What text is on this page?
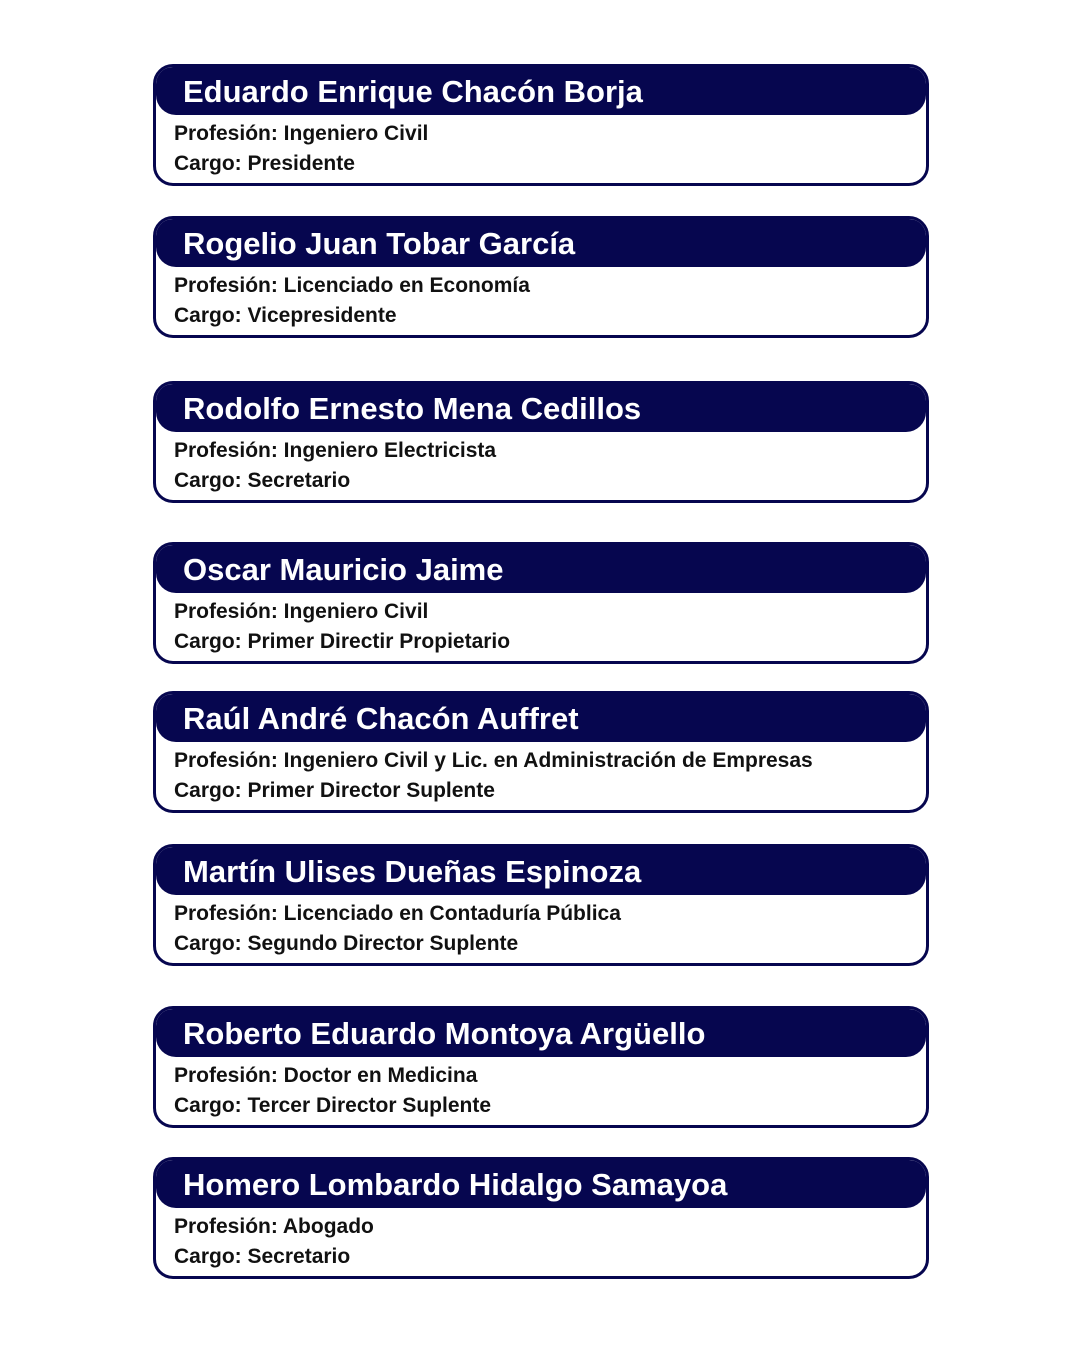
Eduardo Enrique Chacón Borja
Profesión: Ingeniero Civil
Cargo: Presidente
Rogelio Juan Tobar García
Profesión: Licenciado en Economía
Cargo: Vicepresidente
Rodolfo Ernesto Mena Cedillos
Profesión: Ingeniero Electricista
Cargo: Secretario
Oscar Mauricio Jaime
Profesión: Ingeniero Civil
Cargo: Primer Directir Propietario
Raúl André Chacón Auffret
Profesión: Ingeniero Civil y Lic. en Administración de Empresas
Cargo: Primer Director Suplente
Martín Ulises Dueñas Espinoza
Profesión: Licenciado en Contaduría Pública
Cargo: Segundo Director Suplente
Roberto Eduardo Montoya Argüello
Profesión: Doctor en Medicina
Cargo: Tercer Director Suplente
Homero Lombardo Hidalgo Samayoa
Profesión: Abogado
Cargo: Secretario
